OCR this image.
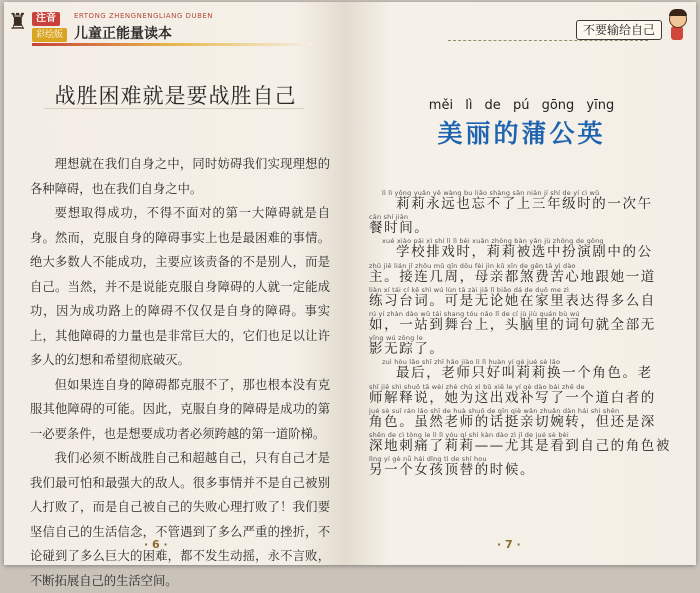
♜ 注音
彩绘版
ERTONG ZHENGNENGLIANG DUBEN
儿童正能量读本
战胜困难就是要战胜自己

理想就在我们自身之中，同时妨碍我们实现理想的各种障碍，也在我们自身之中。

要想取得成功，不得不面对的第一大障碍就是自身。然而，克服自身的障碍事实上也是最困难的事情。绝大多数人不能成功，主要应该责备的不是别人，而是自己。当然，并不是说能克服自身障碍的人就一定能成功，因为成功路上的障碍不仅仅是自身的障碍。事实上，其他障碍的力量也是非常巨大的，它们也足以让许多人的幻想和希望彻底破灭。

但如果连自身的障碍都克服不了，那也根本没有克服其他障碍的可能。因此，克服自身的障碍是成功的第一必要条件，也是想要成功者必须跨越的第一道阶梯。

我们必须不断战胜自己和超越自己，只有自己才是我们最可怕和最强大的敌人。很多事情并不是自己被别人打败了，而是自己被自己的失败心理打败了！我们要坚信自己的生活信念，不管遇到了多么严重的挫折，不论碰到了多么巨大的困难，都不发生动摇，永不言败，不断拓展自己的生活空间。

· 6 ·
不要输给自己
měi lì de pú gōng yīng
美丽的蒲公英
lì lì yǒng yuǎn yě wàng bu liǎo shàng sān nián jí shí de yí cì wǔ
莉莉永远也忘不了上三年级时的一次午
cān shí jiān
餐时间。
xué xiào pái xì shí lì lì bèi xuǎn zhōng bàn yǎn jù zhōng de gōng
学校排戏时，莉莉被选中扮演剧中的公
zhǔ jiē lián jǐ zhōu mǔ qīn dōu fèi jìn kǔ xīn de gēn tā yì dào
主。接连几周，母亲都煞费苦心地跟她一道
liàn xí tái cí kě shì wú lùn tā zài jiā lǐ biǎo dá de duō me zì
练习台词。可是无论她在家里表达得多么自
rú yí zhàn dào wǔ tái shang tóu nǎo lǐ de cí jù jiù quán bù wú
如，一站到舞台上，头脑里的词句就全部无
yǐng wú zōng le
影无踪了。
zuì hòu lǎo shī zhǐ hǎo jiào lì lì huàn yí gè jué sè lǎo
最后，老师只好叫莉莉换一个角色。老
shī jiě shì shuō tā wèi zhè chū xì bǔ xiě le yí gè dào bái zhě de
师解释说，她为这出戏补写了一个道白者的
jué sè suī rán lǎo shī de huà shuō de qīn qiè wǎn zhuǎn dàn hái shi shēn
角色。虽然老师的话挺亲切婉转，但还是深
shēn de cì tòng le lì lì yóu qí shì kàn dào zì jǐ de jué sè bèi
深地刺痛了莉莉——尤其是看到自己的角色被
lìng yí gè nǚ hái dǐng tì de shí hou
另一个女孩顶替的时候。
· 7 ·
